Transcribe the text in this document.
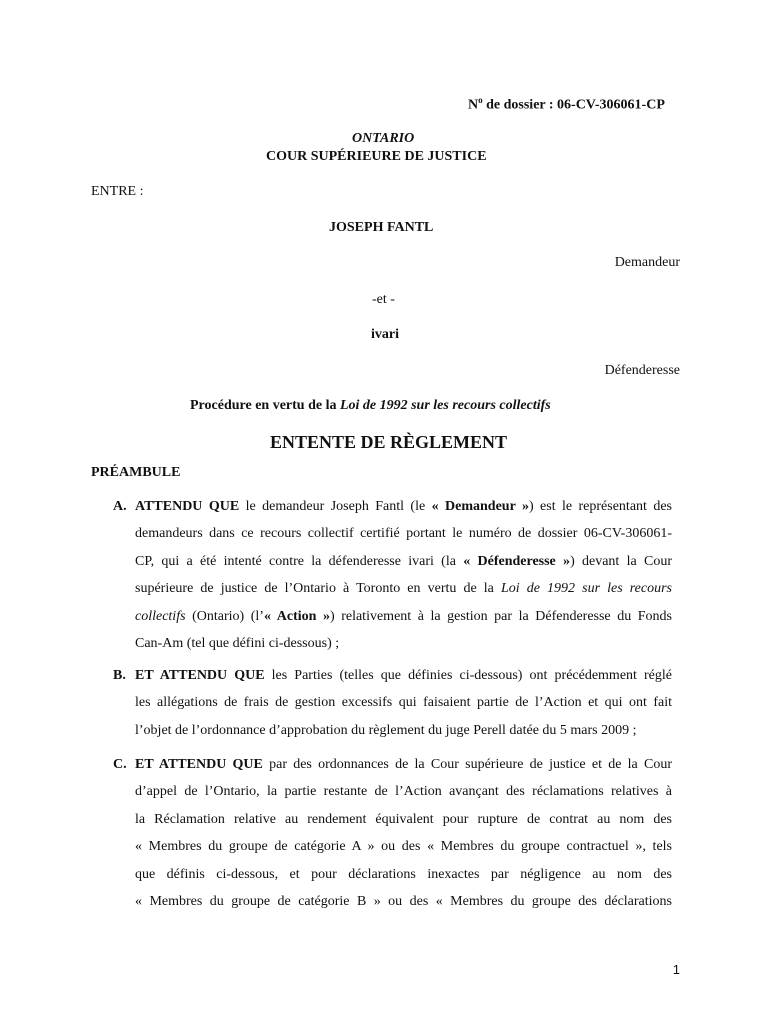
$N^o$ de dossier : 06-CV-306061-CP
ONTARIO
COUR SUPÉRIEURE DE JUSTICE
ENTRE :
JOSEPH FANTL
Demandeur
-et -
ivari
Défenderesse
Procédure en vertu de la Loi de 1992 sur les recours collectifs
ENTENTE DE RÈGLEMENT
PRÉAMBULE
A. ATTENDU QUE le demandeur Joseph Fantl (le « Demandeur ») est le représentant des
demandeurs dans ce recours collectif certifié portant le numéro de dossier 06-CV-306061-
CP, qui a été intenté contre la défenderesse ivari (la « Défenderesse ») devant la Cour
supérieure de justice de l’Ontario à Toronto en vertu de la Loi de 1992 sur les recours
collectifs (Ontario) (l’« Action ») relativement à la gestion par la Défenderesse du Fonds
Can-Am (tel que défini ci-dessous) ;
B. ET ATTENDU QUE les Parties (telles que définies ci-dessous) ont précédemment réglé
les allégations de frais de gestion excessifs qui faisaient partie de l’Action et qui ont fait
l’objet de l’ordonnance d’approbation du règlement du juge Perell datée du 5 mars 2009 ;
C. ET ATTENDU QUE par des ordonnances de la Cour supérieure de justice et de la Cour
d’appel de l’Ontario, la partie restante de l’Action avançant des réclamations relatives à
la Réclamation relative au rendement équivalent pour rupture de contrat au nom des
« Membres du groupe de catégorie A » ou des « Membres du groupe contractuel », tels
que définis ci-dessous, et pour déclarations inexactes par négligence au nom des
« Membres du groupe de catégorie B » ou des « Membres du groupe des déclarations
1
